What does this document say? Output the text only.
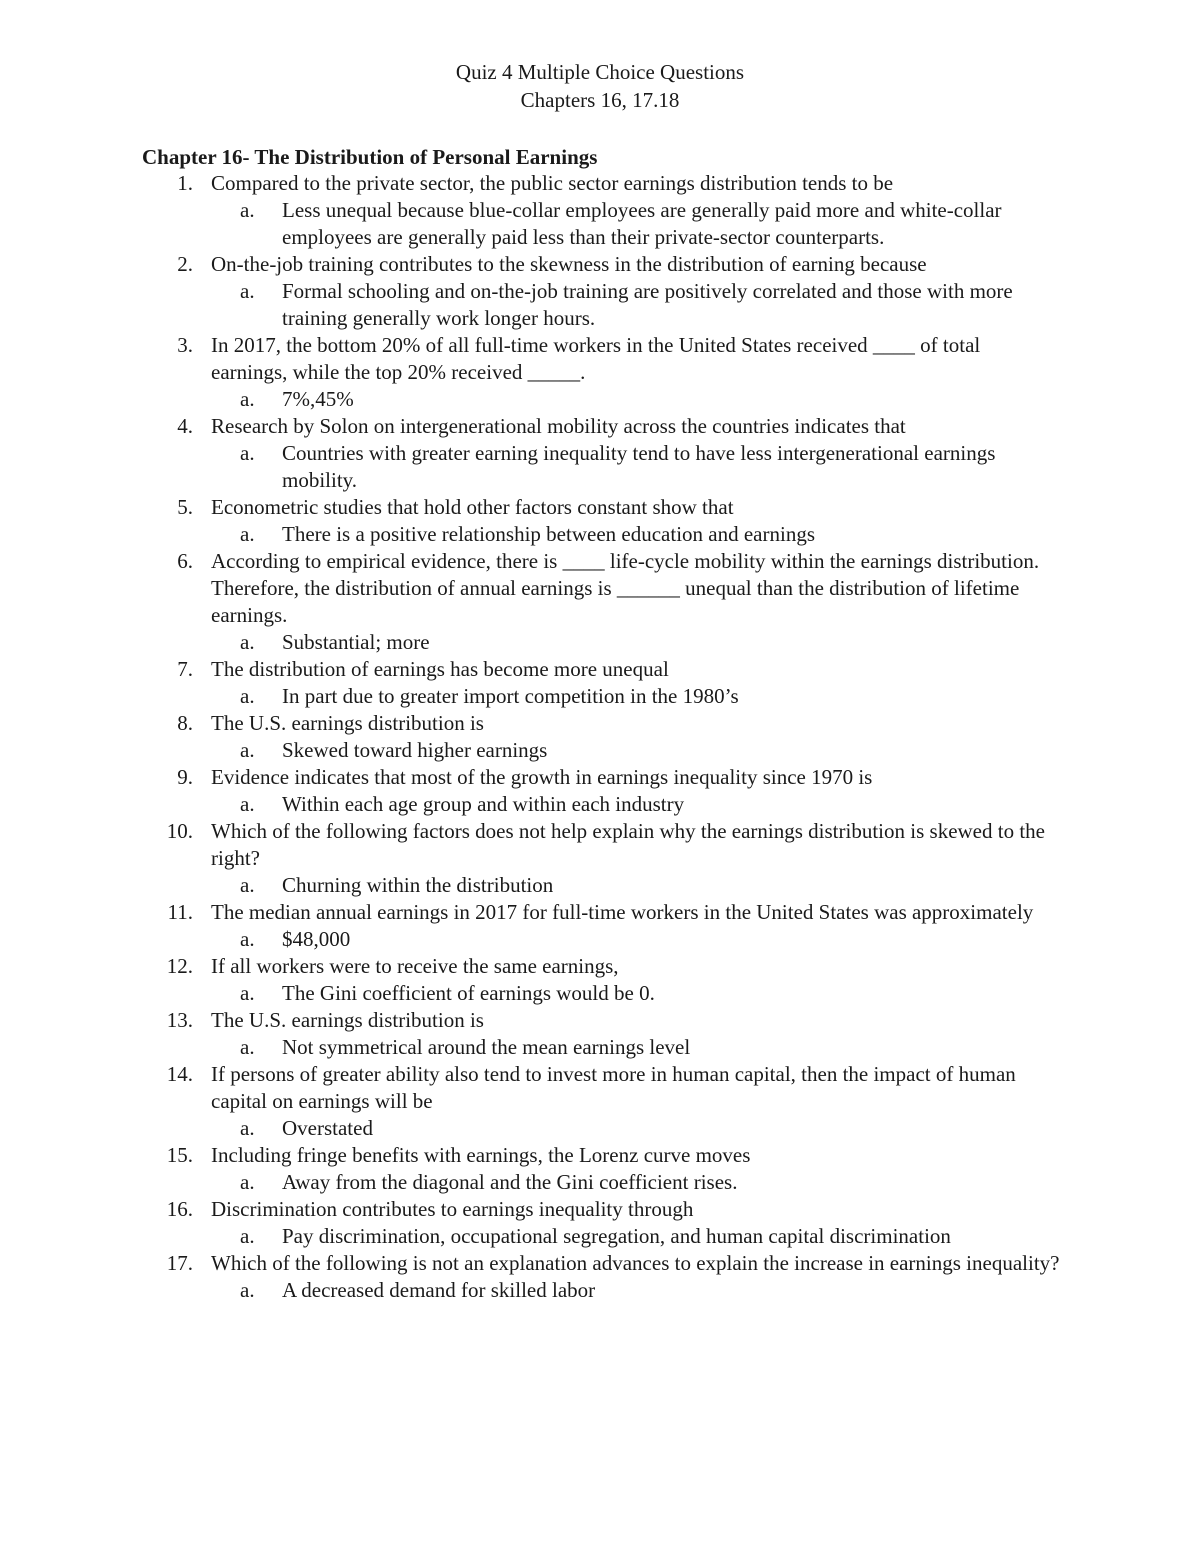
Quiz 4 Multiple Choice Questions
Chapters 16, 17.18
Chapter 16- The Distribution of Personal Earnings
1. Compared to the private sector, the public sector earnings distribution tends to be
a.	Less unequal because blue-collar employees are generally paid more and white-collar employees are generally paid less than their private-sector counterparts.
2. On-the-job training contributes to the skewness in the distribution of earning because
a.	Formal schooling and on-the-job training are positively correlated and those with more training generally work longer hours.
3. In 2017, the bottom 20% of all full-time workers in the United States received ____ of total earnings, while the top 20% received _____.
a.	7%,45%
4. Research by Solon on intergenerational mobility across the countries indicates that
a.	Countries with greater earning inequality tend to have less intergenerational earnings mobility.
5. Econometric studies that hold other factors constant show that
a.	There is a positive relationship between education and earnings
6. According to empirical evidence, there is ____ life-cycle mobility within the earnings distribution. Therefore, the distribution of annual earnings is ______ unequal than the distribution of lifetime earnings.
a.	Substantial; more
7. The distribution of earnings has become more unequal
a.	In part due to greater import competition in the 1980’s
8. The U.S. earnings distribution is
a.	Skewed toward higher earnings
9. Evidence indicates that most of the growth in earnings inequality since 1970 is
a.	Within each age group and within each industry
10. Which of the following factors does not help explain why the earnings distribution is skewed to the right?
a.	Churning within the distribution
11. The median annual earnings in 2017 for full-time workers in the United States was approximately
a.	$48,000
12. If all workers were to receive the same earnings,
a.	The Gini coefficient of earnings would be 0.
13. The U.S. earnings distribution is
a.	Not symmetrical around the mean earnings level
14. If persons of greater ability also tend to invest more in human capital, then the impact of human capital on earnings will be
a.	Overstated
15. Including fringe benefits with earnings, the Lorenz curve moves
a.	Away from the diagonal and the Gini coefficient rises.
16. Discrimination contributes to earnings inequality through
a.	Pay discrimination, occupational segregation, and human capital discrimination
17. Which of the following is not an explanation advances to explain the increase in earnings inequality?
a.	A decreased demand for skilled labor
